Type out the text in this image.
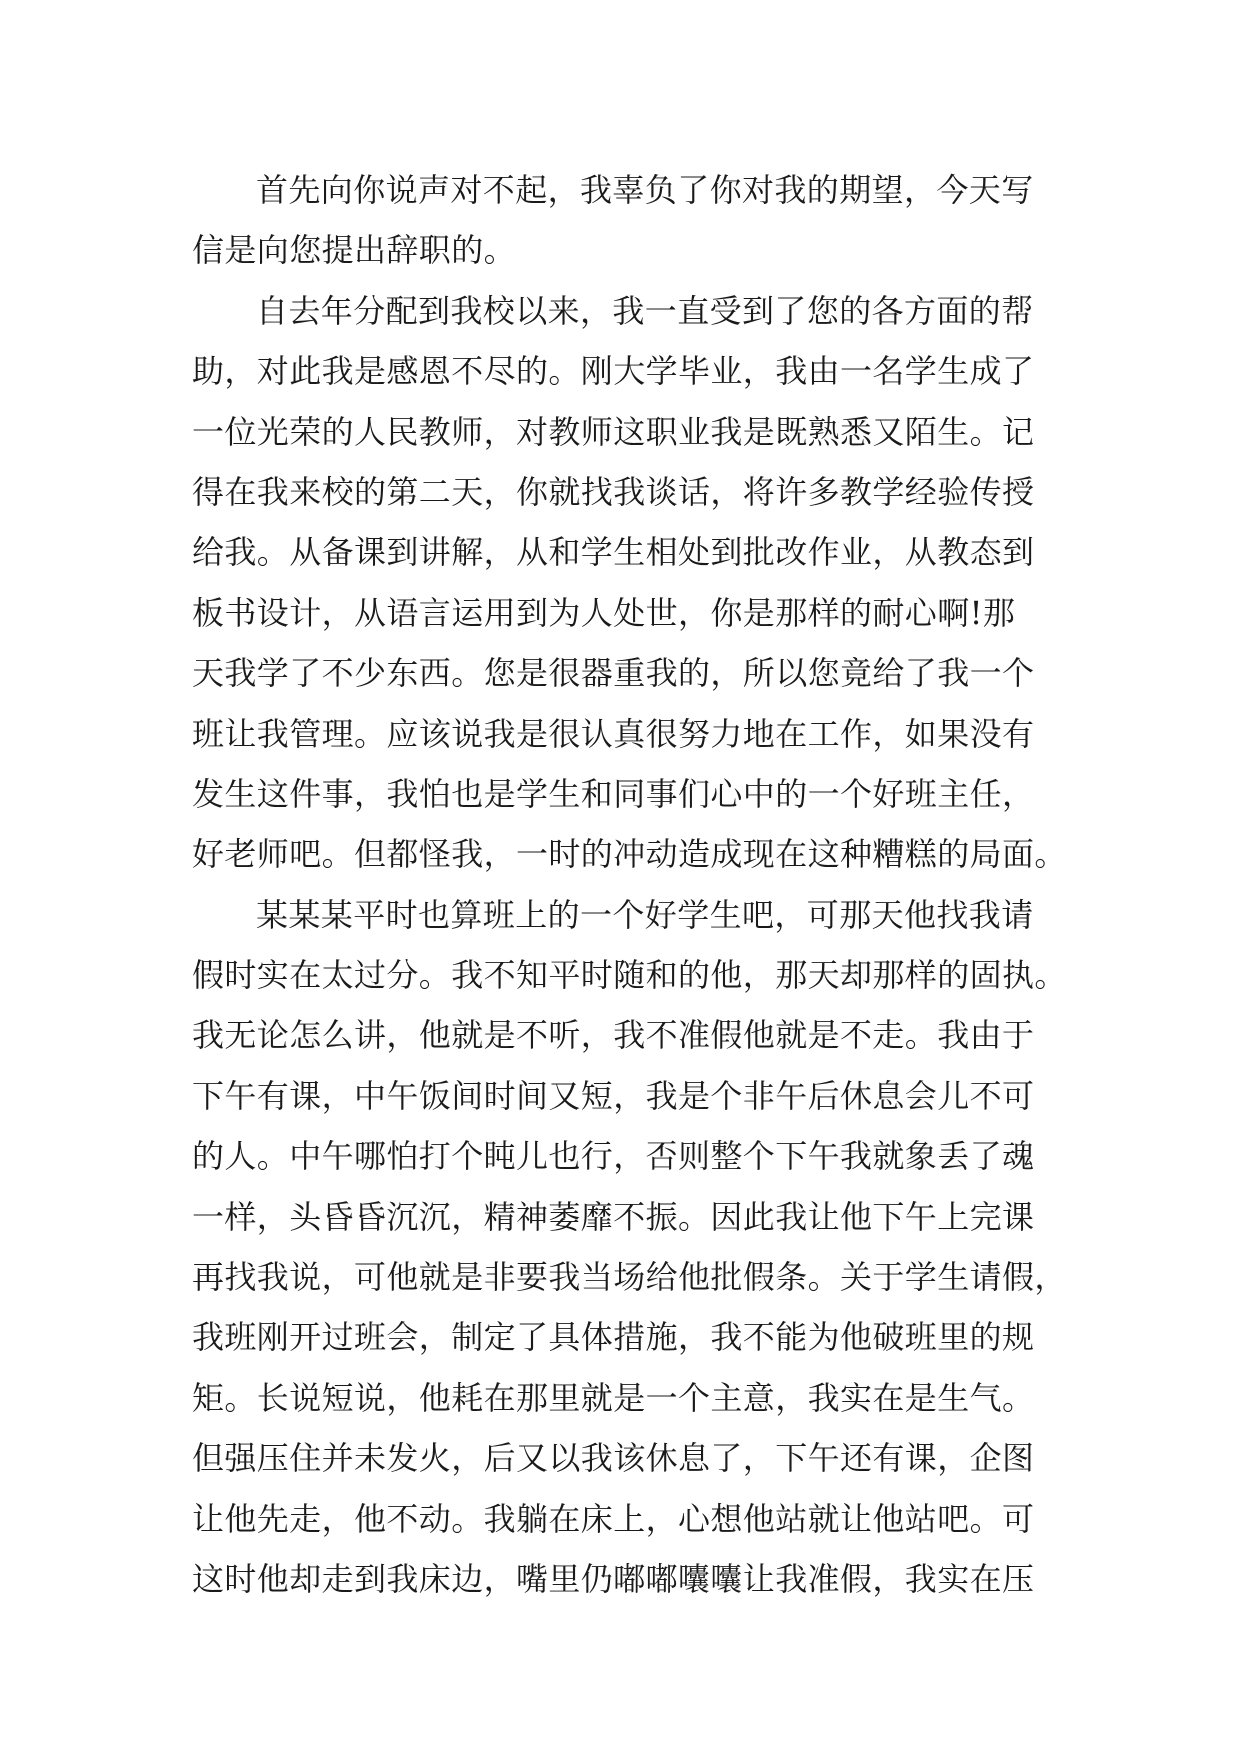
首先向你说声对不起，我辜负了你对我的期望，今天写
信是向您提出辞职的。
自去年分配到我校以来，我一直受到了您的各方面的帮
助，对此我是感恩不尽的。刚大学毕业，我由一名学生成了
一位光荣的人民教师，对教师这职业我是既熟悉又陌生。记
得在我来校的第二天，你就找我谈话，将许多教学经验传授
给我。从备课到讲解，从和学生相处到批改作业，从教态到
板书设计，从语言运用到为人处世，你是那样的耐心啊!那
天我学了不少东西。您是很器重我的，所以您竟给了我一个
班让我管理。应该说我是很认真很努力地在工作，如果没有
发生这件事，我怕也是学生和同事们心中的一个好班主任，
好老师吧。但都怪我，一时的冲动造成现在这种糟糕的局面。
某某某平时也算班上的一个好学生吧，可那天他找我请
假时实在太过分。我不知平时随和的他，那天却那样的固执。
我无论怎么讲，他就是不听，我不准假他就是不走。我由于
下午有课，中午饭间时间又短，我是个非午后休息会儿不可
的人。中午哪怕打个盹儿也行，否则整个下午我就象丢了魂
一样，头昏昏沉沉，精神萎靡不振。因此我让他下午上完课
再找我说，可他就是非要我当场给他批假条。关于学生请假，
我班刚开过班会，制定了具体措施，我不能为他破班里的规
矩。长说短说，他耗在那里就是一个主意，我实在是生气。
但强压住并未发火，后又以我该休息了，下午还有课，企图
让他先走，他不动。我躺在床上，心想他站就让他站吧。可
这时他却走到我床边，嘴里仍嘟嘟囔囔让我准假，我实在压
